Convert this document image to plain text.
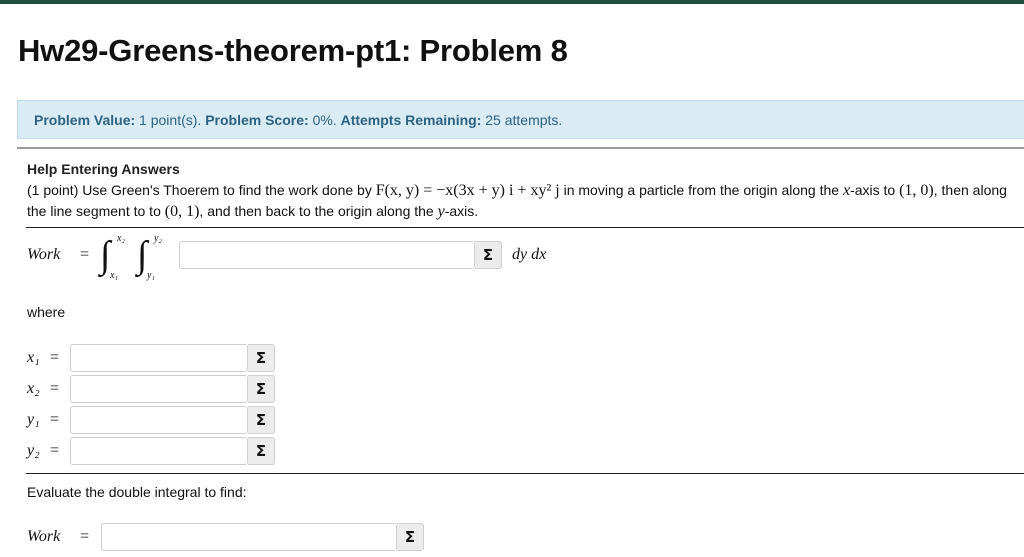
Hw29-Greens-theorem-pt1: Problem 8
Problem Value: 1 point(s). Problem Score: 0%. Attempts Remaining: 25 attempts.
Help Entering Answers
(1 point) Use Green's Thoerem to find the work done by F(x, y) = −x(3x + y) i + xy² j in moving a particle from the origin along the x-axis to (1, 0), then along the line segment to to (0, 1), and then back to the origin along the y-axis.
Work = ∫ x₂
x₁ ∫ y₂
y₁
Σ dy dx
where
x₁ =	Σ
x₂ =	Σ
y₁ =	Σ
y₂ =	Σ
Evaluate the double integral to find:
Work =	Σ
